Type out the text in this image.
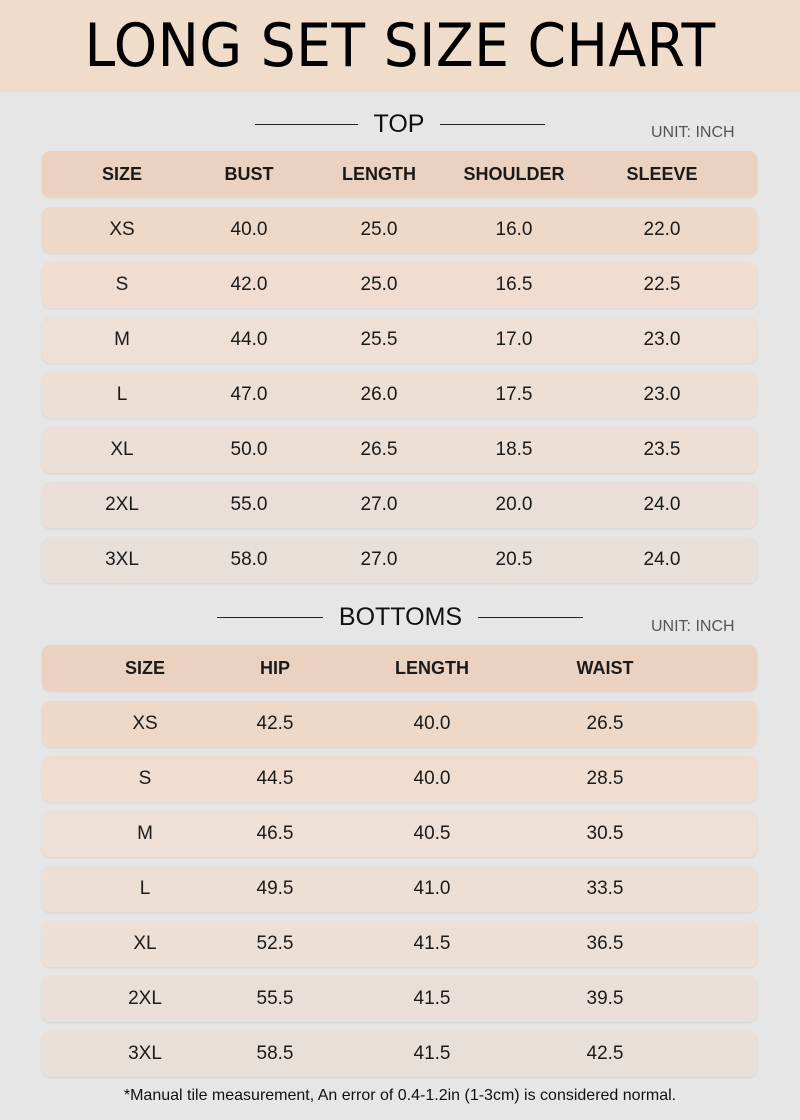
LONG SET SIZE CHART
TOP	UNIT: INCH
SIZE	BUST	LENGTH	SHOULDER	SLEEVE
XS	40.0	25.0	16.0	22.0
S	42.0	25.0	16.5	22.5
M	44.0	25.5	17.0	23.0
L	47.0	26.0	17.5	23.0
XL	50.0	26.5	18.5	23.5
2XL	55.0	27.0	20.0	24.0
3XL	58.0	27.0	20.5	24.0
BOTTOMS	UNIT: INCH
SIZE	HIP	LENGTH	WAIST
XS	42.5	40.0	26.5
S	44.5	40.0	28.5
M	46.5	40.5	30.5
L	49.5	41.0	33.5
XL	52.5	41.5	36.5
2XL	55.5	41.5	39.5
3XL	58.5	41.5	42.5
*Manual tile measurement, An error of 0.4-1.2in (1-3cm) is considered normal.
